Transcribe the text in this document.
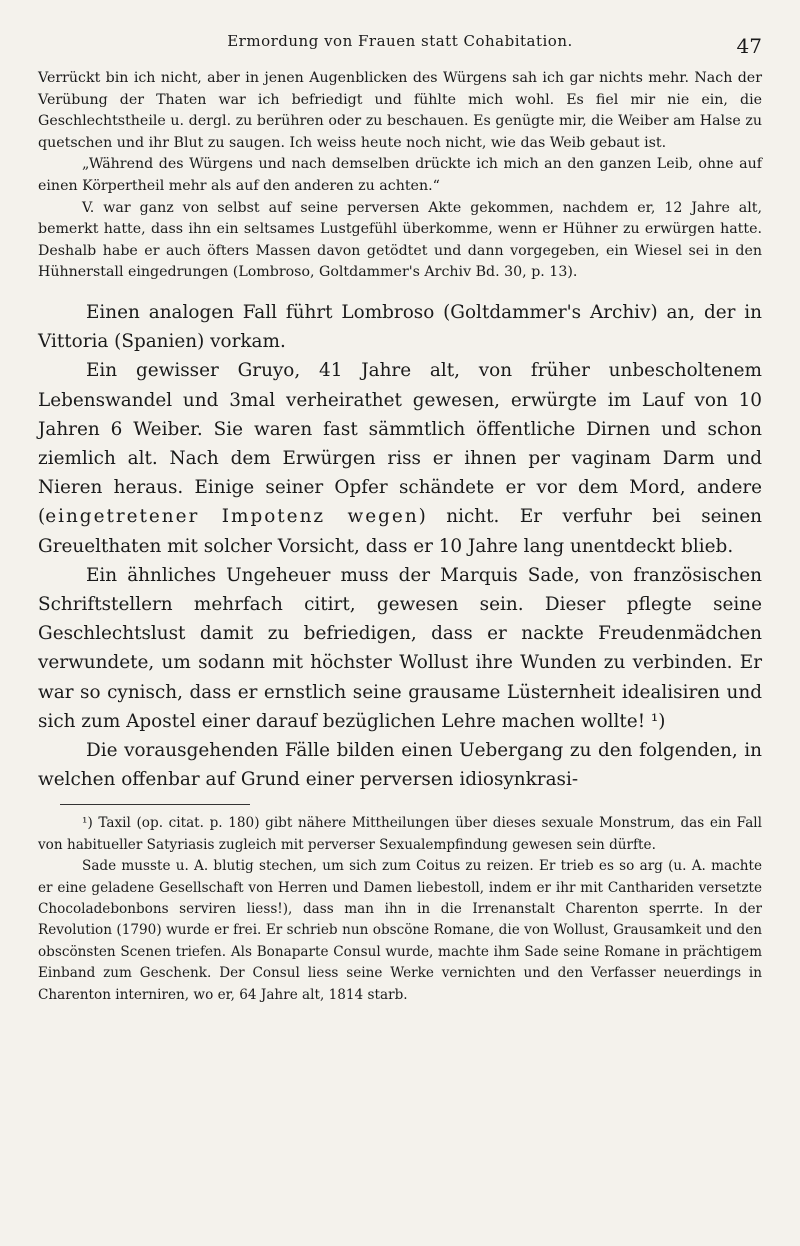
Ermordung von Frauen statt Cohabitation.	47

Verrückt bin ich nicht, aber in jenen Augenblicken des Würgens sah ich gar nichts mehr. Nach der Verübung der Thaten war ich befriedigt und fühlte mich wohl. Es fiel mir nie ein, die Geschlechtstheile u. dergl. zu berühren oder zu beschauen. Es genügte mir, die Weiber am Halse zu quetschen und ihr Blut zu saugen. Ich weiss heute noch nicht, wie das Weib gebaut ist.

„Während des Würgens und nach demselben drückte ich mich an den ganzen Leib, ohne auf einen Körpertheil mehr als auf den anderen zu achten.“

V. war ganz von selbst auf seine perversen Akte gekommen, nachdem er, 12 Jahre alt, bemerkt hatte, dass ihn ein seltsames Lustgefühl überkomme, wenn er Hühner zu erwürgen hatte. Deshalb habe er auch öfters Massen davon getödtet und dann vorgegeben, ein Wiesel sei in den Hühnerstall eingedrungen (Lombroso, Goltdammer's Archiv Bd. 30, p. 13).

Einen analogen Fall führt Lombroso (Goltdammer's Archiv) an, der in Vittoria (Spanien) vorkam.

Ein gewisser Gruyo, 41 Jahre alt, von früher unbescholtenem Lebenswandel und 3mal verheirathet gewesen, erwürgte im Lauf von 10 Jahren 6 Weiber. Sie waren fast sämmtlich öffentliche Dirnen und schon ziemlich alt. Nach dem Erwürgen riss er ihnen per vaginam Darm und Nieren heraus. Einige seiner Opfer schändete er vor dem Mord, andere (eingetretener Impotenz wegen) nicht. Er verfuhr bei seinen Greuelthaten mit solcher Vorsicht, dass er 10 Jahre lang unentdeckt blieb.

Ein ähnliches Ungeheuer muss der Marquis Sade, von französischen Schriftstellern mehrfach citirt, gewesen sein. Dieser pflegte seine Geschlechtslust damit zu befriedigen, dass er nackte Freudenmädchen verwundete, um sodann mit höchster Wollust ihre Wunden zu verbinden. Er war so cynisch, dass er ernstlich seine grausame Lüsternheit idealisiren und sich zum Apostel einer darauf bezüglichen Lehre machen wollte! ¹)

Die vorausgehenden Fälle bilden einen Uebergang zu den folgenden, in welchen offenbar auf Grund einer perversen idiosynkrasi-

¹) Taxil (op. citat. p. 180) gibt nähere Mittheilungen über dieses sexuale Monstrum, das ein Fall von habitueller Satyriasis zugleich mit perverser Sexualempfindung gewesen sein dürfte.

Sade musste u. A. blutig stechen, um sich zum Coitus zu reizen. Er trieb es so arg (u. A. machte er eine geladene Gesellschaft von Herren und Damen liebestoll, indem er ihr mit Canthariden versetzte Chocoladebonbons serviren liess!), dass man ihn in die Irrenanstalt Charenton sperrte. In der Revolution (1790) wurde er frei. Er schrieb nun obscöne Romane, die von Wollust, Grausamkeit und den obscönsten Scenen triefen. Als Bonaparte Consul wurde, machte ihm Sade seine Romane in prächtigem Einband zum Geschenk. Der Consul liess seine Werke vernichten und den Verfasser neuerdings in Charenton interniren, wo er, 64 Jahre alt, 1814 starb.
